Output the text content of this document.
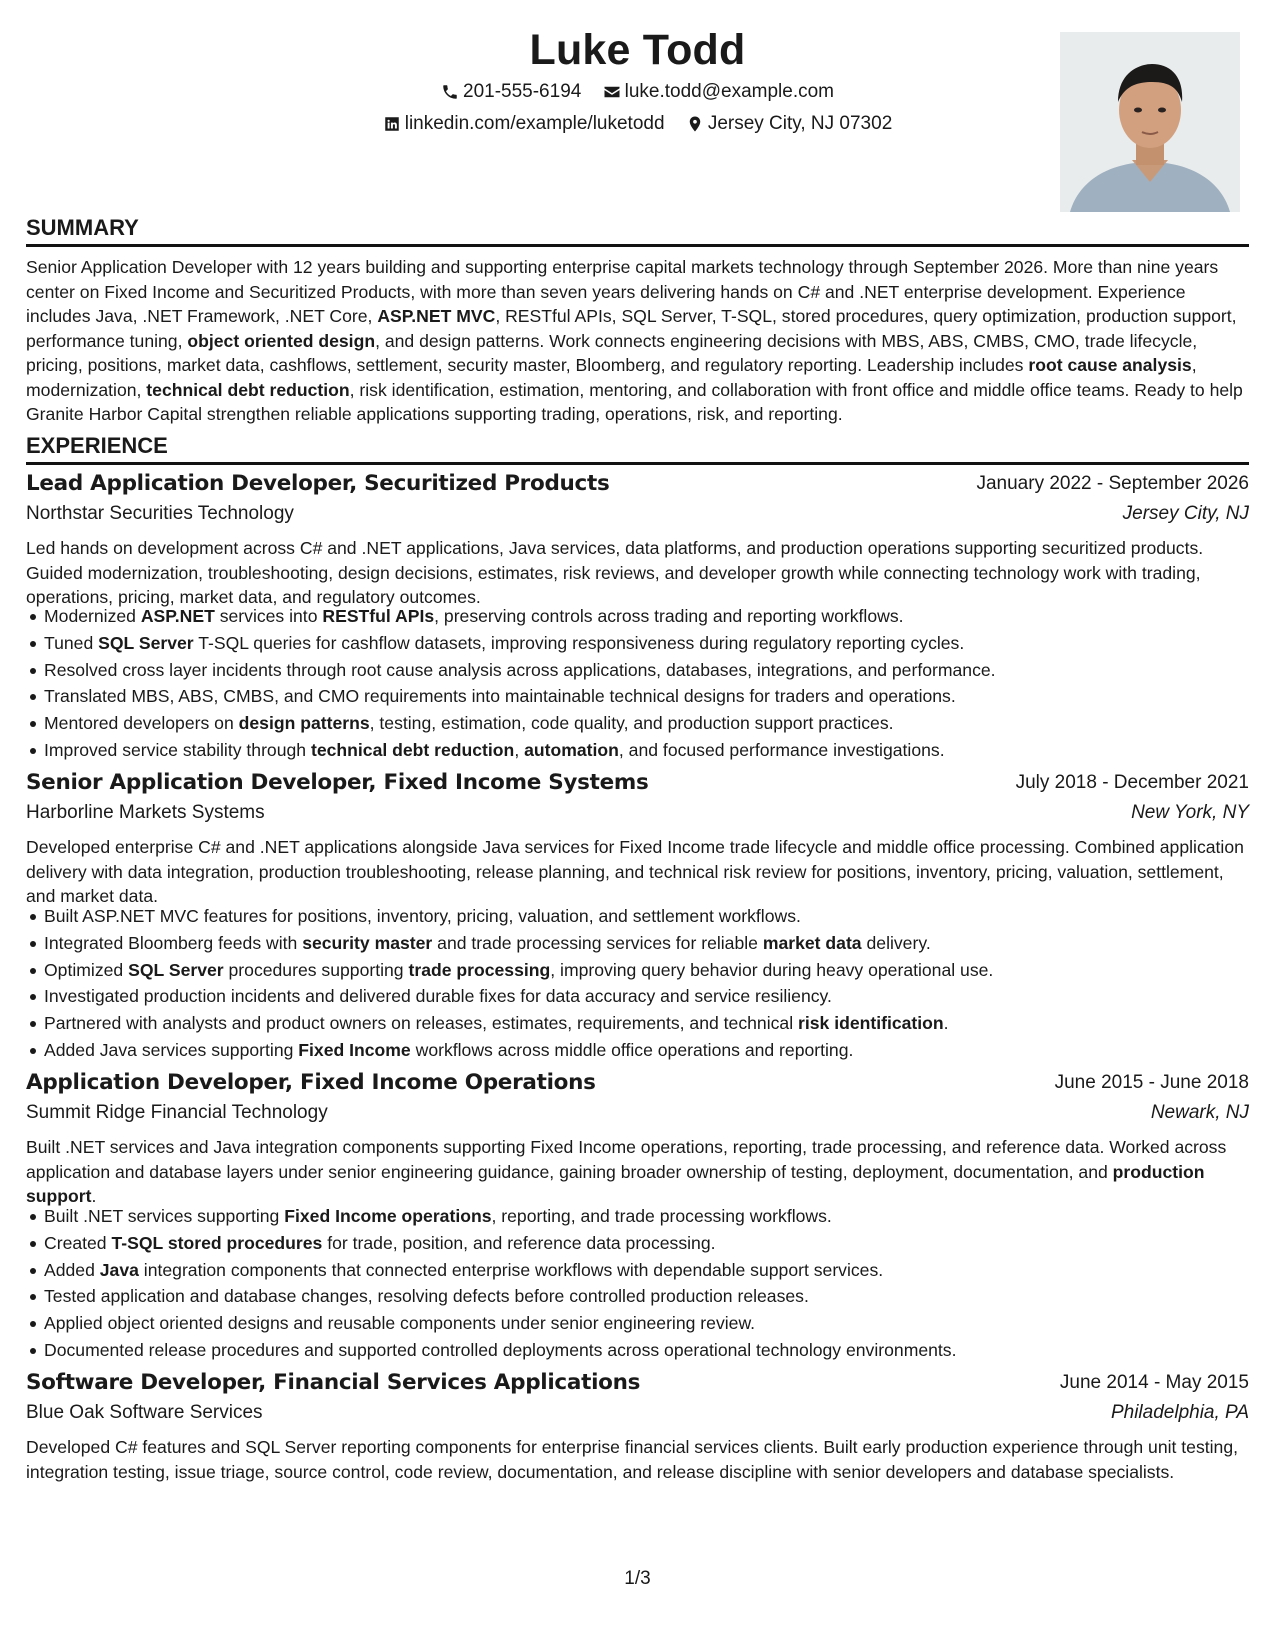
Luke Todd
201-555-6194
luke.todd@example.com
linkedin.com/example/luketodd
Jersey City, NJ 07302
SUMMARY

Senior Application Developer with 12 years building and supporting enterprise capital markets technology through September 2026. More than nine years center on Fixed Income and Securitized Products, with more than seven years delivering hands on C# and .NET enterprise development. Experience includes Java, .NET Framework, .NET Core, ASP.NET MVC, RESTful APIs, SQL Server, T-SQL, stored procedures, query optimization, production support, performance tuning, object oriented design, and design patterns. Work connects engineering decisions with MBS, ABS, CMBS, CMO, trade lifecycle, pricing, positions, market data, cashflows, settlement, security master, Bloomberg, and regulatory reporting. Leadership includes root cause analysis, modernization, technical debt reduction, risk identification, estimation, mentoring, and collaboration with front office and middle office teams. Ready to help Granite Harbor Capital strengthen reliable applications supporting trading, operations, risk, and reporting.

EXPERIENCE
Lead Application Developer, Securitized Products	January 2022 - September 2026
Northstar Securities Technology	Jersey City, NJ

Led hands on development across C# and .NET applications, Java services, data platforms, and production operations supporting securitized products. Guided modernization, troubleshooting, design decisions, estimates, risk reviews, and developer growth while connecting technology work with trading, operations, pricing, market data, and regulatory outcomes.

Modernized ASP.NET services into RESTful APIs, preserving controls across trading and reporting workflows.
Tuned SQL Server T-SQL queries for cashflow datasets, improving responsiveness during regulatory reporting cycles.
Resolved cross layer incidents through root cause analysis across applications, databases, integrations, and performance.
Translated MBS, ABS, CMBS, and CMO requirements into maintainable technical designs for traders and operations.
Mentored developers on design patterns, testing, estimation, code quality, and production support practices.
Improved service stability through technical debt reduction, automation, and focused performance investigations.
Senior Application Developer, Fixed Income Systems	July 2018 - December 2021
Harborline Markets Systems	New York, NY

Developed enterprise C# and .NET applications alongside Java services for Fixed Income trade lifecycle and middle office processing. Combined application delivery with data integration, production troubleshooting, release planning, and technical risk review for positions, inventory, pricing, valuation, settlement, and market data.

Built ASP.NET MVC features for positions, inventory, pricing, valuation, and settlement workflows.
Integrated Bloomberg feeds with security master and trade processing services for reliable market data delivery.
Optimized SQL Server procedures supporting trade processing, improving query behavior during heavy operational use.
Investigated production incidents and delivered durable fixes for data accuracy and service resiliency.
Partnered with analysts and product owners on releases, estimates, requirements, and technical risk identification.
Added Java services supporting Fixed Income workflows across middle office operations and reporting.
Application Developer, Fixed Income Operations	June 2015 - June 2018
Summit Ridge Financial Technology	Newark, NJ

Built .NET services and Java integration components supporting Fixed Income operations, reporting, trade processing, and reference data. Worked across application and database layers under senior engineering guidance, gaining broader ownership of testing, deployment, documentation, and production support.

Built .NET services supporting Fixed Income operations, reporting, and trade processing workflows.
Created T-SQL stored procedures for trade, position, and reference data processing.
Added Java integration components that connected enterprise workflows with dependable support services.
Tested application and database changes, resolving defects before controlled production releases.
Applied object oriented designs and reusable components under senior engineering review.
Documented release procedures and supported controlled deployments across operational technology environments.
Software Developer, Financial Services Applications	June 2014 - May 2015
Blue Oak Software Services	Philadelphia, PA

Developed C# features and SQL Server reporting components for enterprise financial services clients. Built early production experience through unit testing, integration testing, issue triage, source control, code review, documentation, and release discipline with senior developers and database specialists.

1/3
